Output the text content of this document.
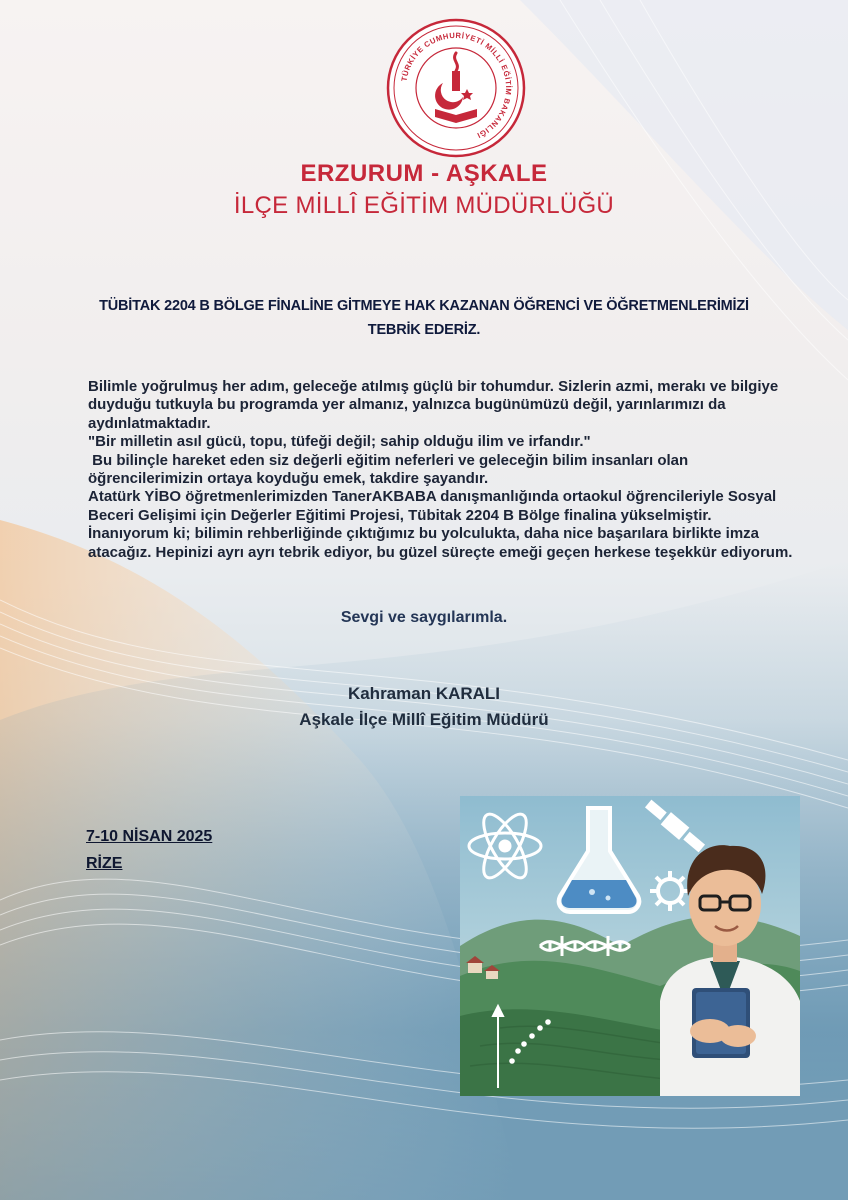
TÜRKİYE CUMHURİYETİ MİLLİ EĞİTİM BAKANLIĞI
ERZURUM - AŞKALE
İLÇE MİLLÎ EĞİTİM MÜDÜRLÜĞÜ
TÜBİTAK 2204 B BÖLGE FİNALİNE GİTMEYE HAK KAZANAN ÖĞRENCİ VE ÖĞRETMENLERİMİZİ
TEBRİK EDERİZ.

Bilimle yoğrulmuş her adım, geleceğe atılmış güçlü bir tohumdur. Sizlerin azmi, merakı ve bilgiye

duyduğu tutkuyla bu programda yer almanız, yalnızca bugünümüzü değil, yarınlarımızı da

aydınlatmaktadır.

"Bir milletin asıl gücü, topu, tüfeği değil; sahip olduğu ilim ve irfandır."

Bu bilinçle hareket eden siz değerli eğitim neferleri ve geleceğin bilim insanları olan

öğrencilerimizin ortaya koyduğu emek, takdire şayandır.

Atatürk YİBO öğretmenlerimizden TanerAKBABA danışmanlığında ortaokul öğrencileriyle Sosyal

Beceri Gelişimi için Değerler Eğitimi Projesi, Tübitak 2204 B Bölge finalina yükselmiştir.

İnanıyorum ki; bilimin rehberliğinde çıktığımız bu yolculukta, daha nice başarılara birlikte imza

atacağız. Hepinizi ayrı ayrı tebrik ediyor, bu güzel süreçte emeği geçen herkese teşekkür ediyorum.

Sevgi ve saygılarımla.
Kahraman KARALI
Aşkale İlçe Millî Eğitim Müdürü
7-10 NİSAN 2025
RİZE
